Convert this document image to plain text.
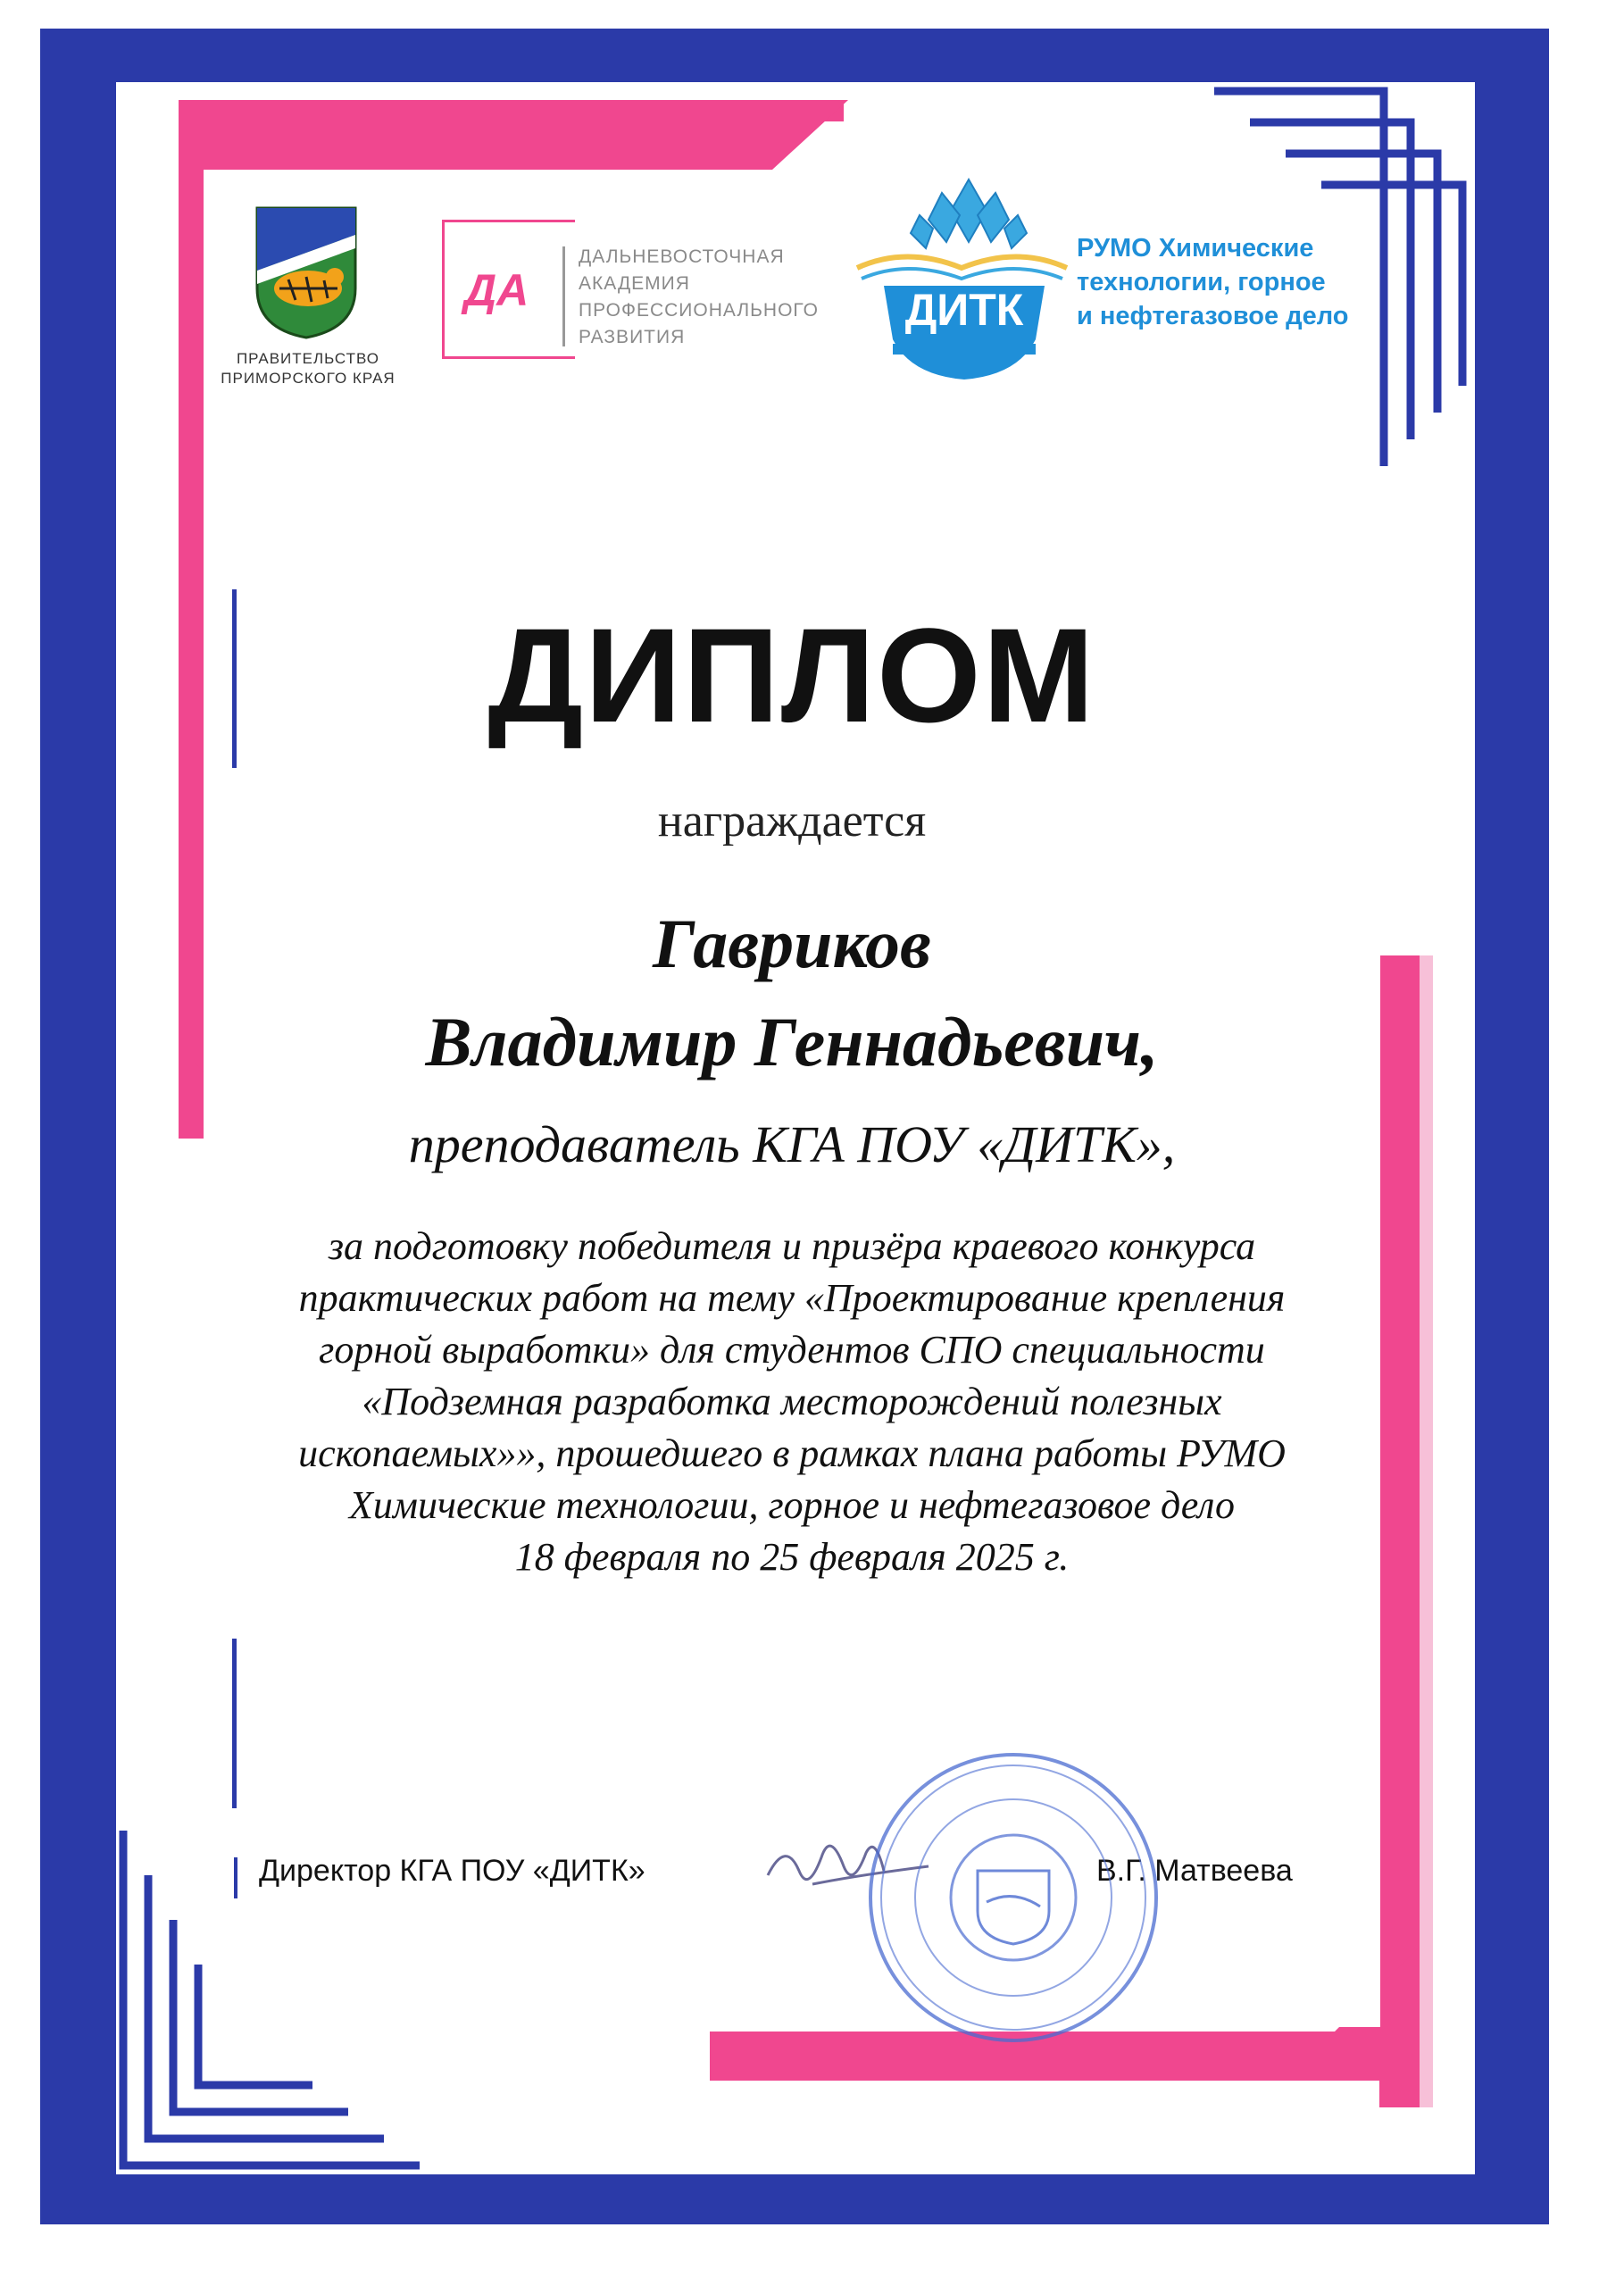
ПРАВИТЕЛЬСТВО
ПРИМОРСКОГО КРАЯ
ДА
ДАЛЬНЕВОСТОЧНАЯ
АКАДЕМИЯ
ПРОФЕССИОНАЛЬНОГО
РАЗВИТИЯ
ДИТК
РУМО Химические
технологии, горное
и нефтегазовое дело
ДИПЛОМ
награждается
Гавриков
Владимир Геннадьевич,
преподаватель КГА ПОУ «ДИТК»,
за подготовку победителя и призёра краевого конкурса
практических работ на тему «Проектирование крепления
горной выработки» для студентов СПО специальности
«Подземная разработка месторождений полезных
ископаемых»», прошедшего в рамках плана работы РУМО
Химические технологии, горное и нефтегазовое дело
18 февраля по 25 февраля 2025 г.
Директор КГА ПОУ «ДИТК»	В.Г. Матвеева
